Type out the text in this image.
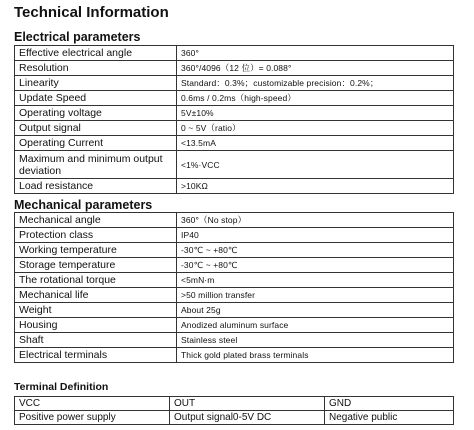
Technical Information
Electrical parameters
Effective electrical angle	360°
Resolution	360°/4096（12 位）= 0.088°
Linearity	Standard：0.3%；customizable precision：0.2%；
Update Speed	0.6ms / 0.2ms（high-speed）
Operating voltage	5V±10%
Output signal	0 ~ 5V（ratio）
Operating Current	<13.5mA
Maximum and minimum output deviation	<1%·VCC
Load resistance	>10KΩ
Mechanical parameters
Mechanical angle	360°（No stop）
Protection class	IP40
Working temperature	-30℃ ~ +80℃
Storage temperature	-30℃ ~ +80℃
The rotational torque	<5mN·m
Mechanical life	>50 million transfer
Weight	About 25g
Housing	Anodized aluminum surface
Shaft	Stainless steel
Electrical terminals	Thick gold plated brass terminals
Terminal Definition
VCC	OUT	GND
Positive power supply	Output signal0-5V DC	Negative public
